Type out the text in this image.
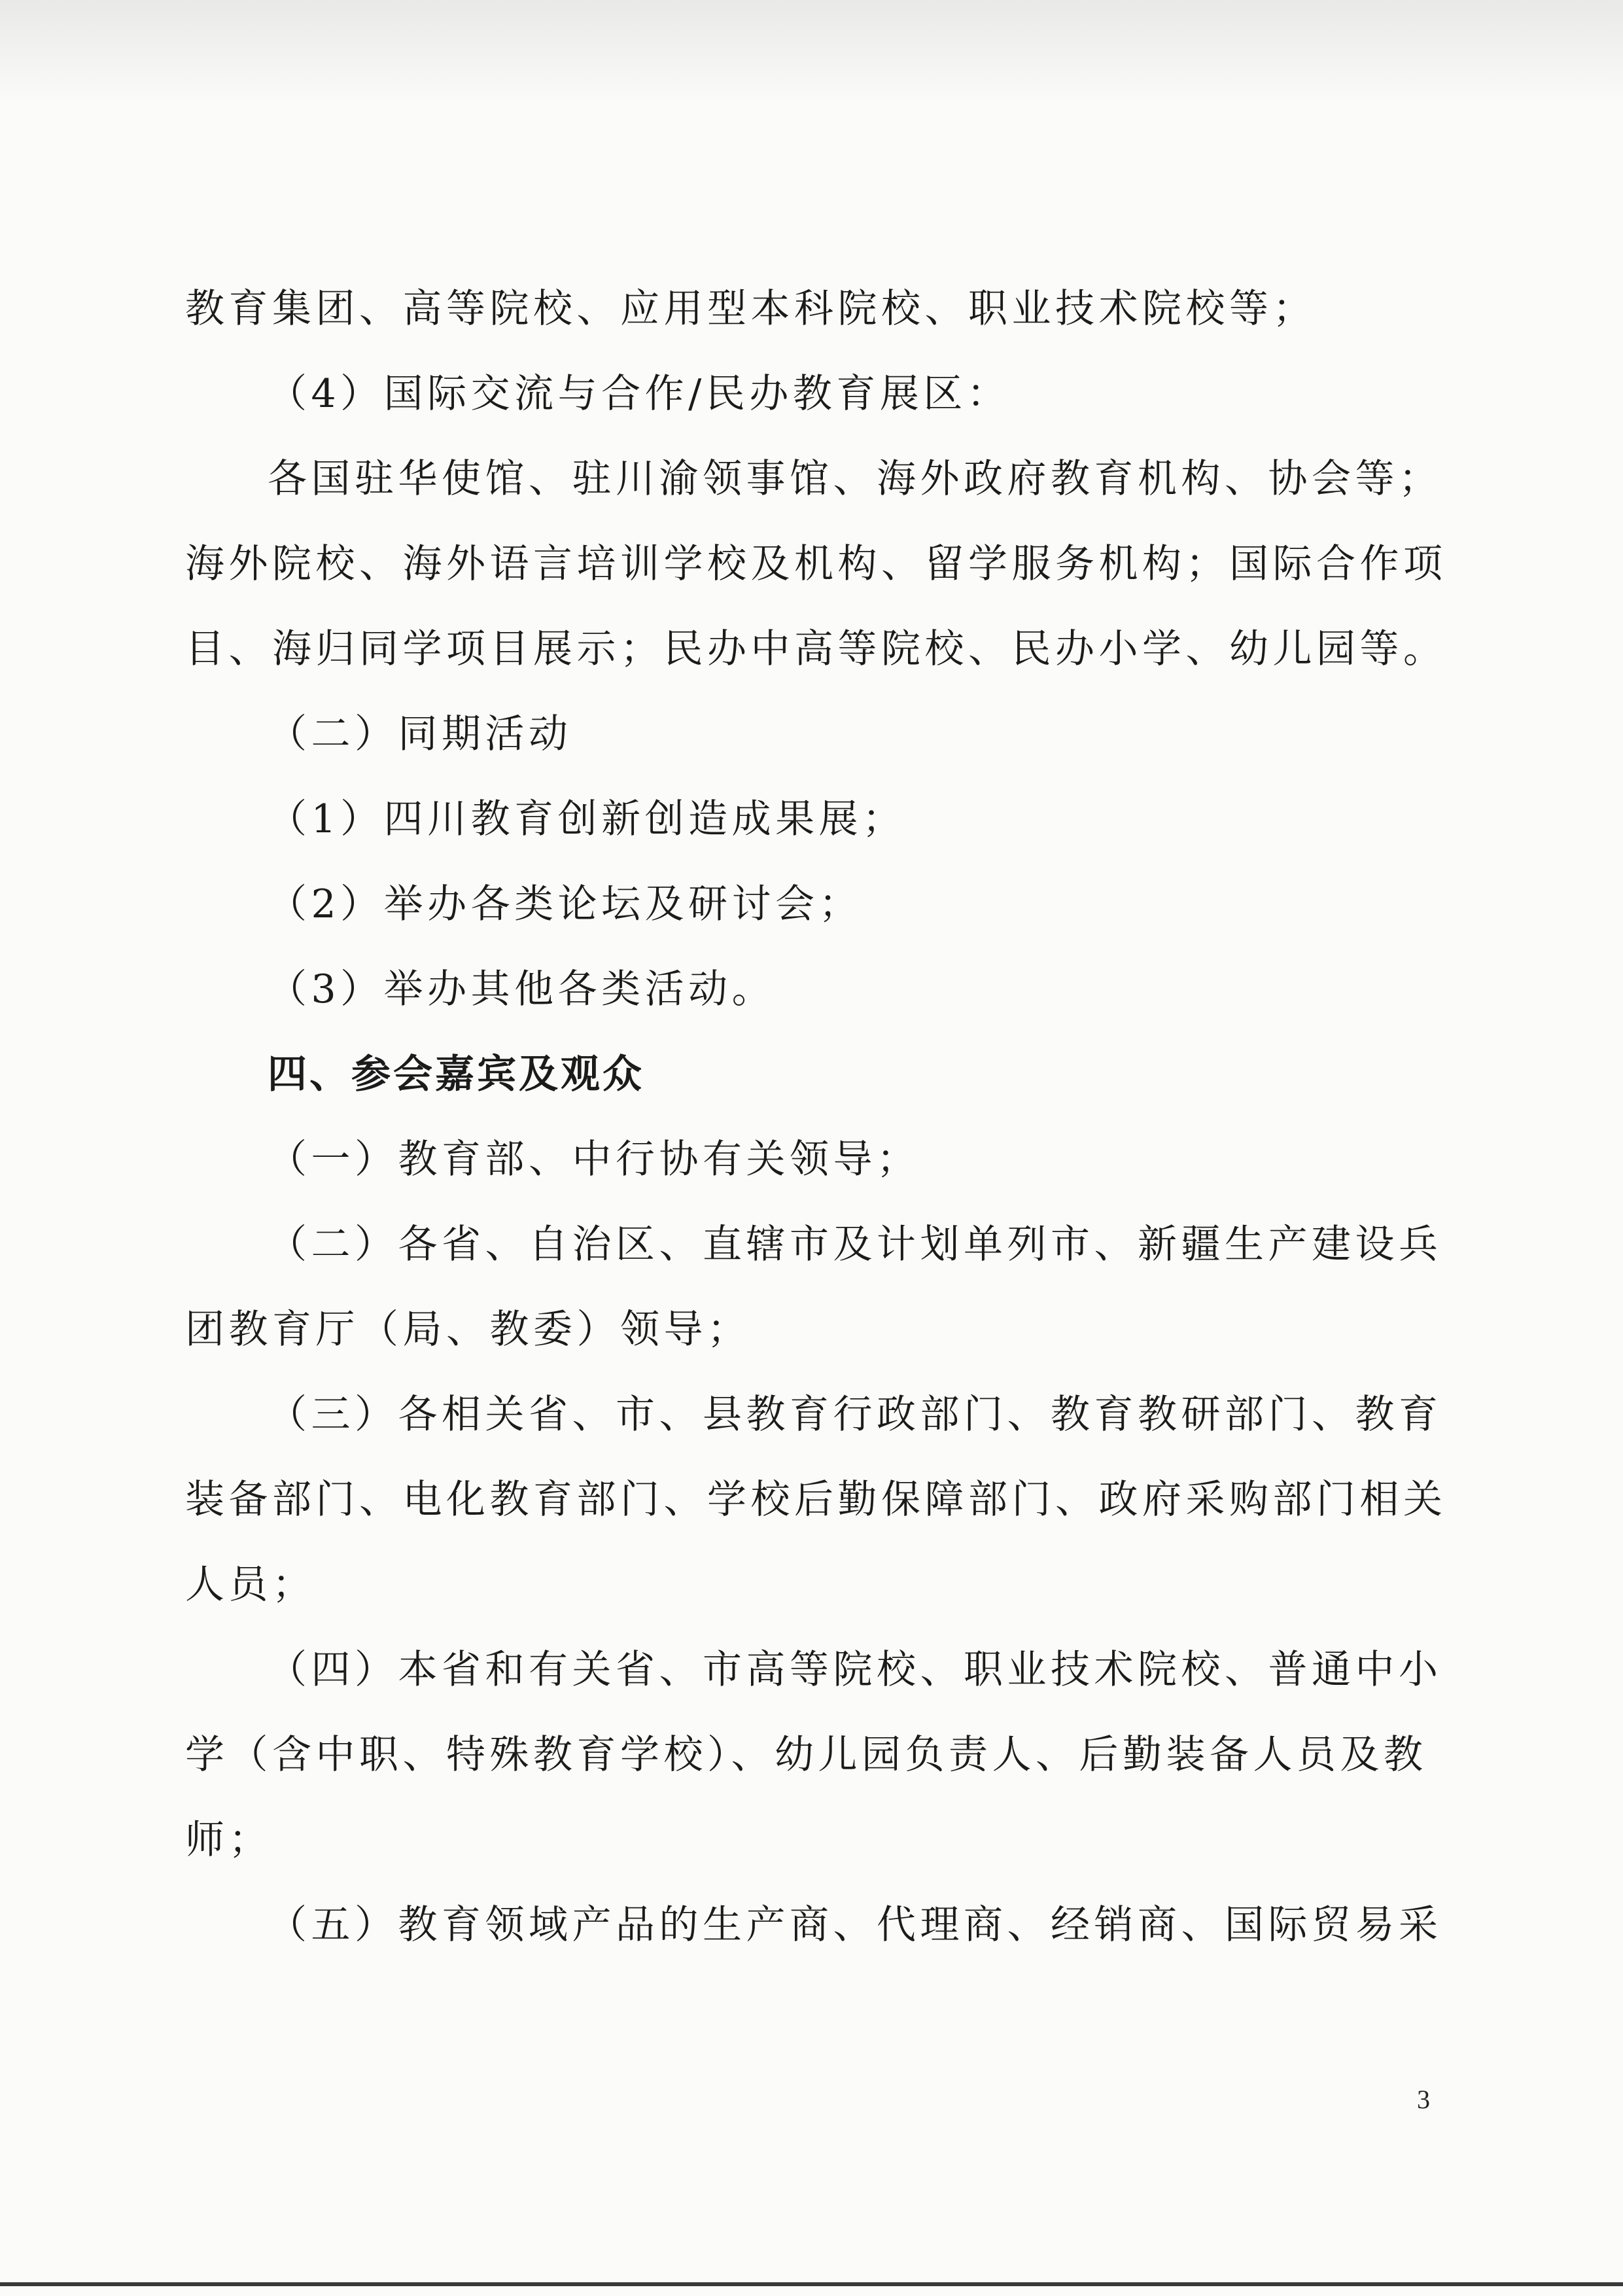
教育集团、高等院校、应用型本科院校、职业技术院校等；
（4）国际交流与合作/民办教育展区：
各国驻华使馆、驻川渝领事馆、海外政府教育机构、协会等；
海外院校、海外语言培训学校及机构、留学服务机构；国际合作项
目、海归同学项目展示；民办中高等院校、民办小学、幼儿园等。
（二）同期活动
（1）四川教育创新创造成果展；
（2）举办各类论坛及研讨会；
（3）举办其他各类活动。
四、参会嘉宾及观众
（一）教育部、中行协有关领导；
（二）各省、自治区、直辖市及计划单列市、新疆生产建设兵
团教育厅（局、教委）领导；
（三）各相关省、市、县教育行政部门、教育教研部门、教育
装备部门、电化教育部门、学校后勤保障部门、政府采购部门相关
人员；
（四）本省和有关省、市高等院校、职业技术院校、普通中小
学（含中职、特殊教育学校）、幼儿园负责人、后勤装备人员及教
师；
（五）教育领域产品的生产商、代理商、经销商、国际贸易采
3
